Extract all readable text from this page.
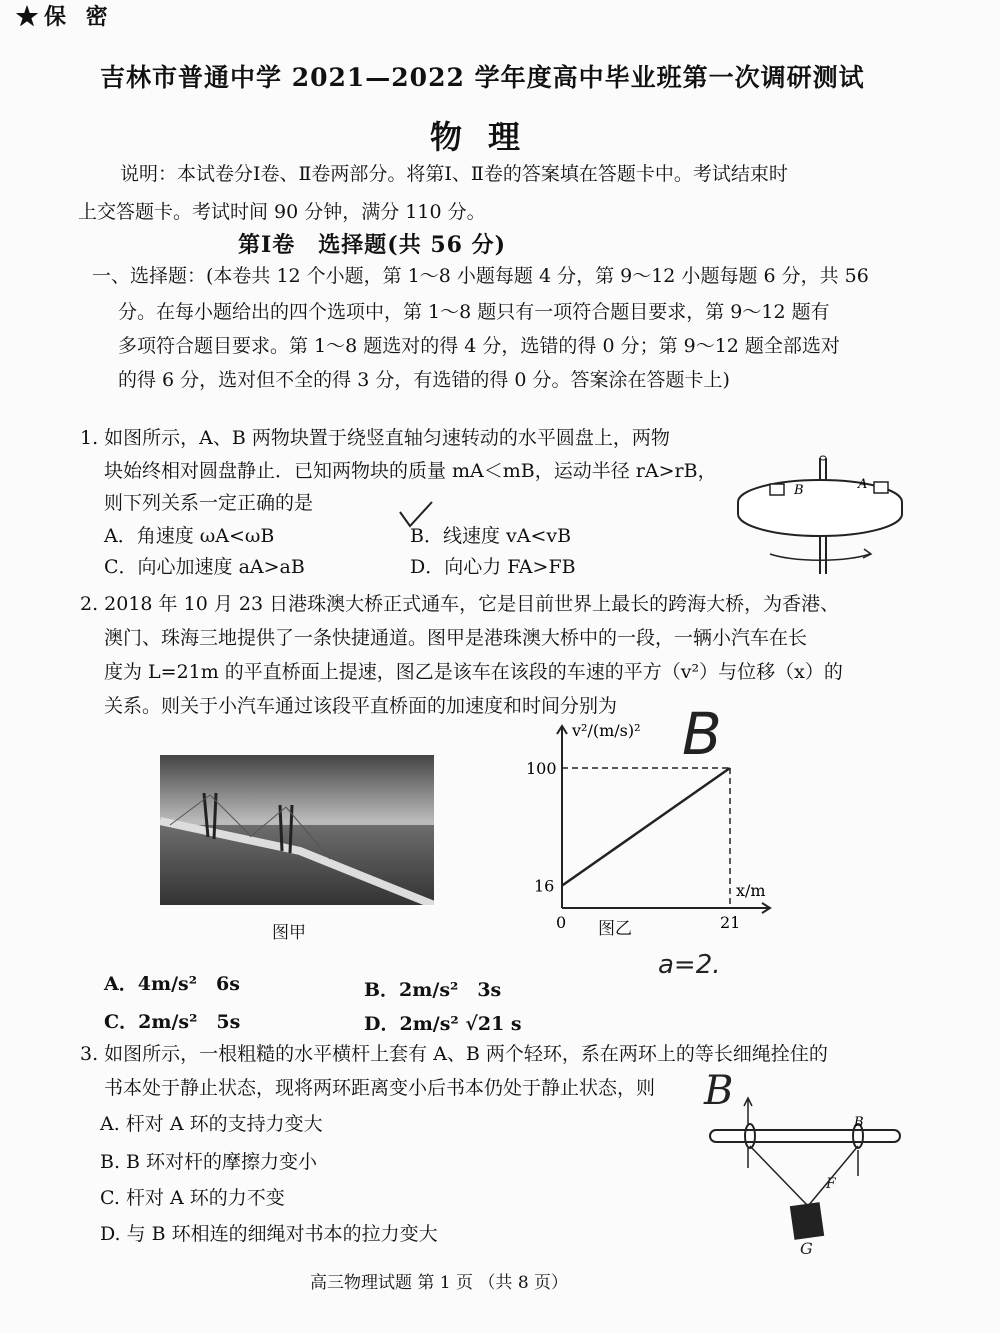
★保 密
吉林市普通中学 2021—2022 学年度高中毕业班第一次调研测试
物理
说明：本试卷分Ⅰ卷、Ⅱ卷两部分。将第Ⅰ、Ⅱ卷的答案填在答题卡中。考试结束时
上交答题卡。考试时间 90 分钟，满分 110 分。
第Ⅰ卷　选择题(共 56 分)
一、选择题：(本卷共 12 个小题，第 1～8 小题每题 4 分，第 9～12 小题每题 6 分，共 56
分。在每小题给出的四个选项中，第 1～8 题只有一项符合题目要求，第 9～12 题有
多项符合题目要求。第 1～8 题选对的得 4 分，选错的得 0 分；第 9～12 题全部选对
的得 6 分，选对但不全的得 3 分，有选错的得 0 分。答案涂在答题卡上)
1. 如图所示，A、B 两物块置于绕竖直轴匀速转动的水平圆盘上，两物
块始终相对圆盘静止．已知两物块的质量 mA＜mB，运动半径 rA>rB，
则下列关系一定正确的是
A．角速度 ωA<ωB	B．线速度 vA<vB
C．向心加速度 aA>aB	D．向心力 FA>FB
B	A
2. 2018 年 10 月 23 日港珠澳大桥正式通车，它是目前世界上最长的跨海大桥，为香港、
澳门、珠海三地提供了一条快捷通道。图甲是港珠澳大桥中的一段，一辆小汽车在长
度为 L=21m 的平直桥面上提速，图乙是该车在该段的车速的平方（v²）与位移（x）的
关系。则关于小汽车通过该段平直桥面的加速度和时间分别为
图甲
100
16
0	21
v²/(m/s)²
x/m
图乙
B
a=2.
A．4m/s²　6s	B．2m/s²　3s
C．2m/s²　5s	D．2m/s² √21 s
3. 如图所示，一根粗糙的水平横杆上套有 A、B 两个轻环，系在两环上的等长细绳拴住的
书本处于静止状态，现将两环距离变小后书本仍处于静止状态，则
A. 杆对 A 环的支持力变大
B. B 环对杆的摩擦力变小
C. 杆对 A 环的力不变
D. 与 B 环相连的细绳对书本的拉力变大
B
B
F
G
高三物理试题 第 1 页 （共 8 页）
